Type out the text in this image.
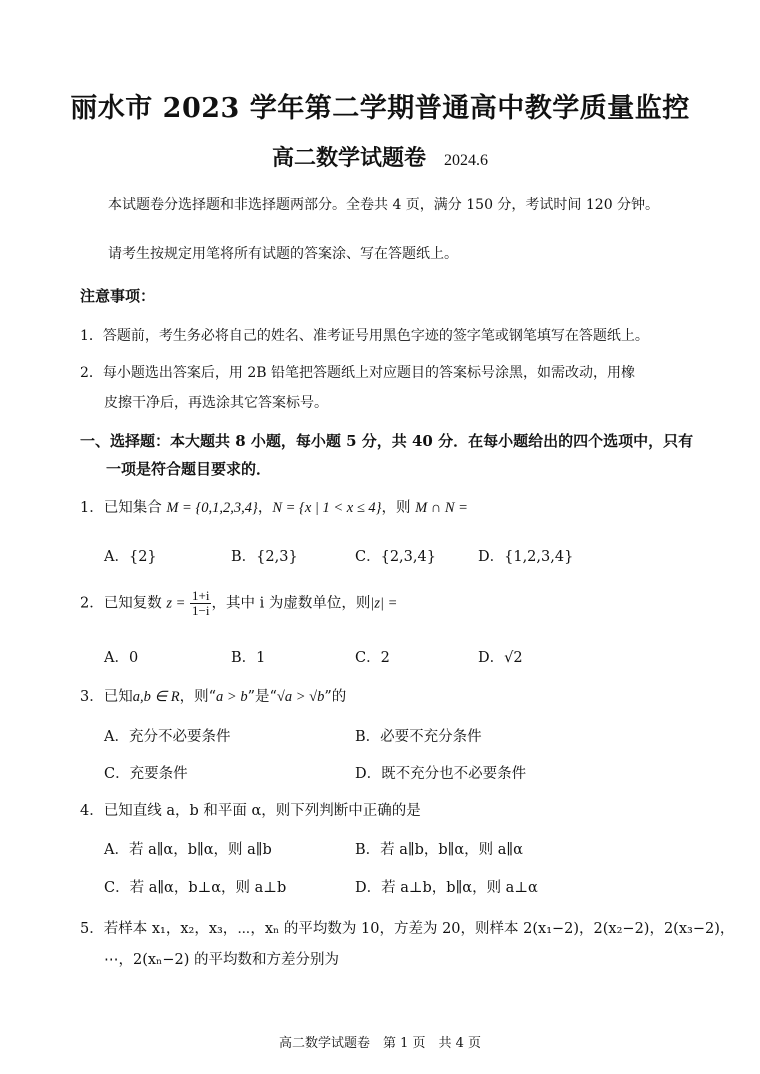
丽水市 2023 学年第二学期普通高中教学质量监控
高二数学试题卷 2024.6
本试题卷分选择题和非选择题两部分。全卷共 4 页，满分 150 分，考试时间 120 分钟。
请考生按规定用笔将所有试题的答案涂、写在答题纸上。
注意事项：
1．答题前，考生务必将自己的姓名、准考证号用黑色字迹的签字笔或钢笔填写在答题纸上。
2．每小题选出答案后，用 2B 铅笔把答题纸上对应题目的答案标号涂黑，如需改动，用橡
皮擦干净后，再选涂其它答案标号。
一、选择题：本大题共 8 小题，每小题 5 分，共 40 分．在每小题给出的四个选项中，只有
一项是符合题目要求的．
1．已知集合 M = {0,1,2,3,4}，N = {x | 1 < x ≤ 4}，则 M ∩ N =
A．{2}	B．{2,3}	C．{2,3,4}	D．{1,2,3,4}
2．已知复数 $z = \frac{1+i}{1-i}$ ，其中 i 为虚数单位，则|z| =
A．0	B．1	C．2	D．√2
3．已知a,b ∈ R，则“a > b”是“√a > √b”的
A．充分不必要条件	B．必要不充分条件
C．充要条件	D．既不充分也不必要条件
4．已知直线 a，b 和平面 α，则下列判断中正确的是
A．若 a∥α，b∥α，则 a∥b	B．若 a∥b，b∥α，则 a∥α
C．若 a∥α，b⊥α，则 a⊥b	D．若 a⊥b，b∥α，则 a⊥α
5．若样本 x₁，x₂，x₃，⋯，xₙ 的平均数为 10，方差为 20，则样本 2(x₁−2)，2(x₂−2)，2(x₃−2)，
⋯，2(xₙ−2) 的平均数和方差分别为
高二数学试题卷　第 1 页　共 4 页
